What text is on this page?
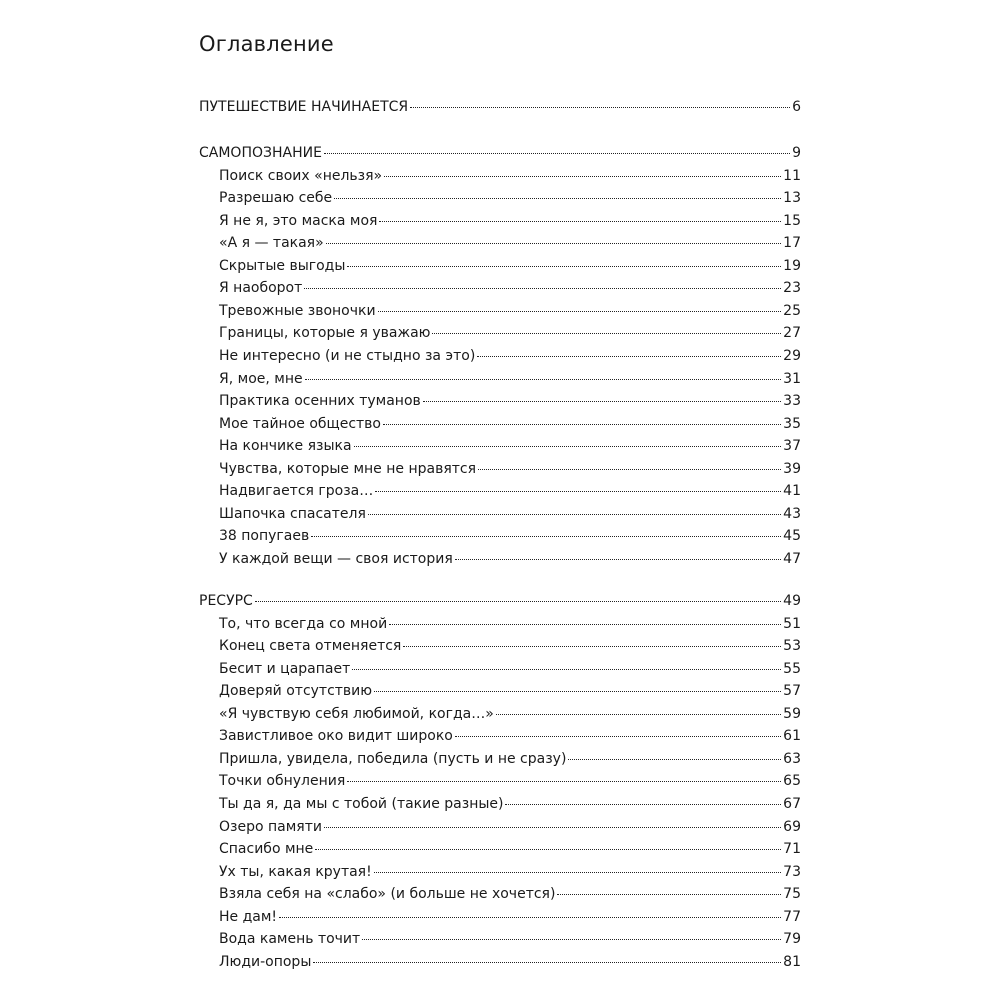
Оглавление
ПУТЕШЕСТВИЕ НАЧИНАЕТСЯ	6
САМОПОЗНАНИЕ	9
Поиск своих «нельзя»	11
Разрешаю себе	13
Я не я, это маска моя	15
«А я — такая»	17
Скрытые выгоды	19
Я наоборот	23
Тревожные звоночки	25
Границы, которые я уважаю	27
Не интересно (и не стыдно за это)	29
Я, мое, мне	31
Практика осенних туманов	33
Мое тайное общество	35
На кончике языка	37
Чувства, которые мне не нравятся	39
Надвигается гроза…	41
Шапочка спасателя	43
38 попугаев	45
У каждой вещи — своя история	47
РЕСУРС	49
То, что всегда со мной	51
Конец света отменяется	53
Бесит и царапает	55
Доверяй отсутствию	57
«Я чувствую себя любимой, когда…»	59
Завистливое око видит широко	61
Пришла, увидела, победила (пусть и не сразу)	63
Точки обнуления	65
Ты да я, да мы с тобой (такие разные)	67
Озеро памяти	69
Спасибо мне	71
Ух ты, какая крутая!	73
Взяла себя на «слабо» (и больше не хочется)	75
Не дам!	77
Вода камень точит	79
Люди-опоры	81
